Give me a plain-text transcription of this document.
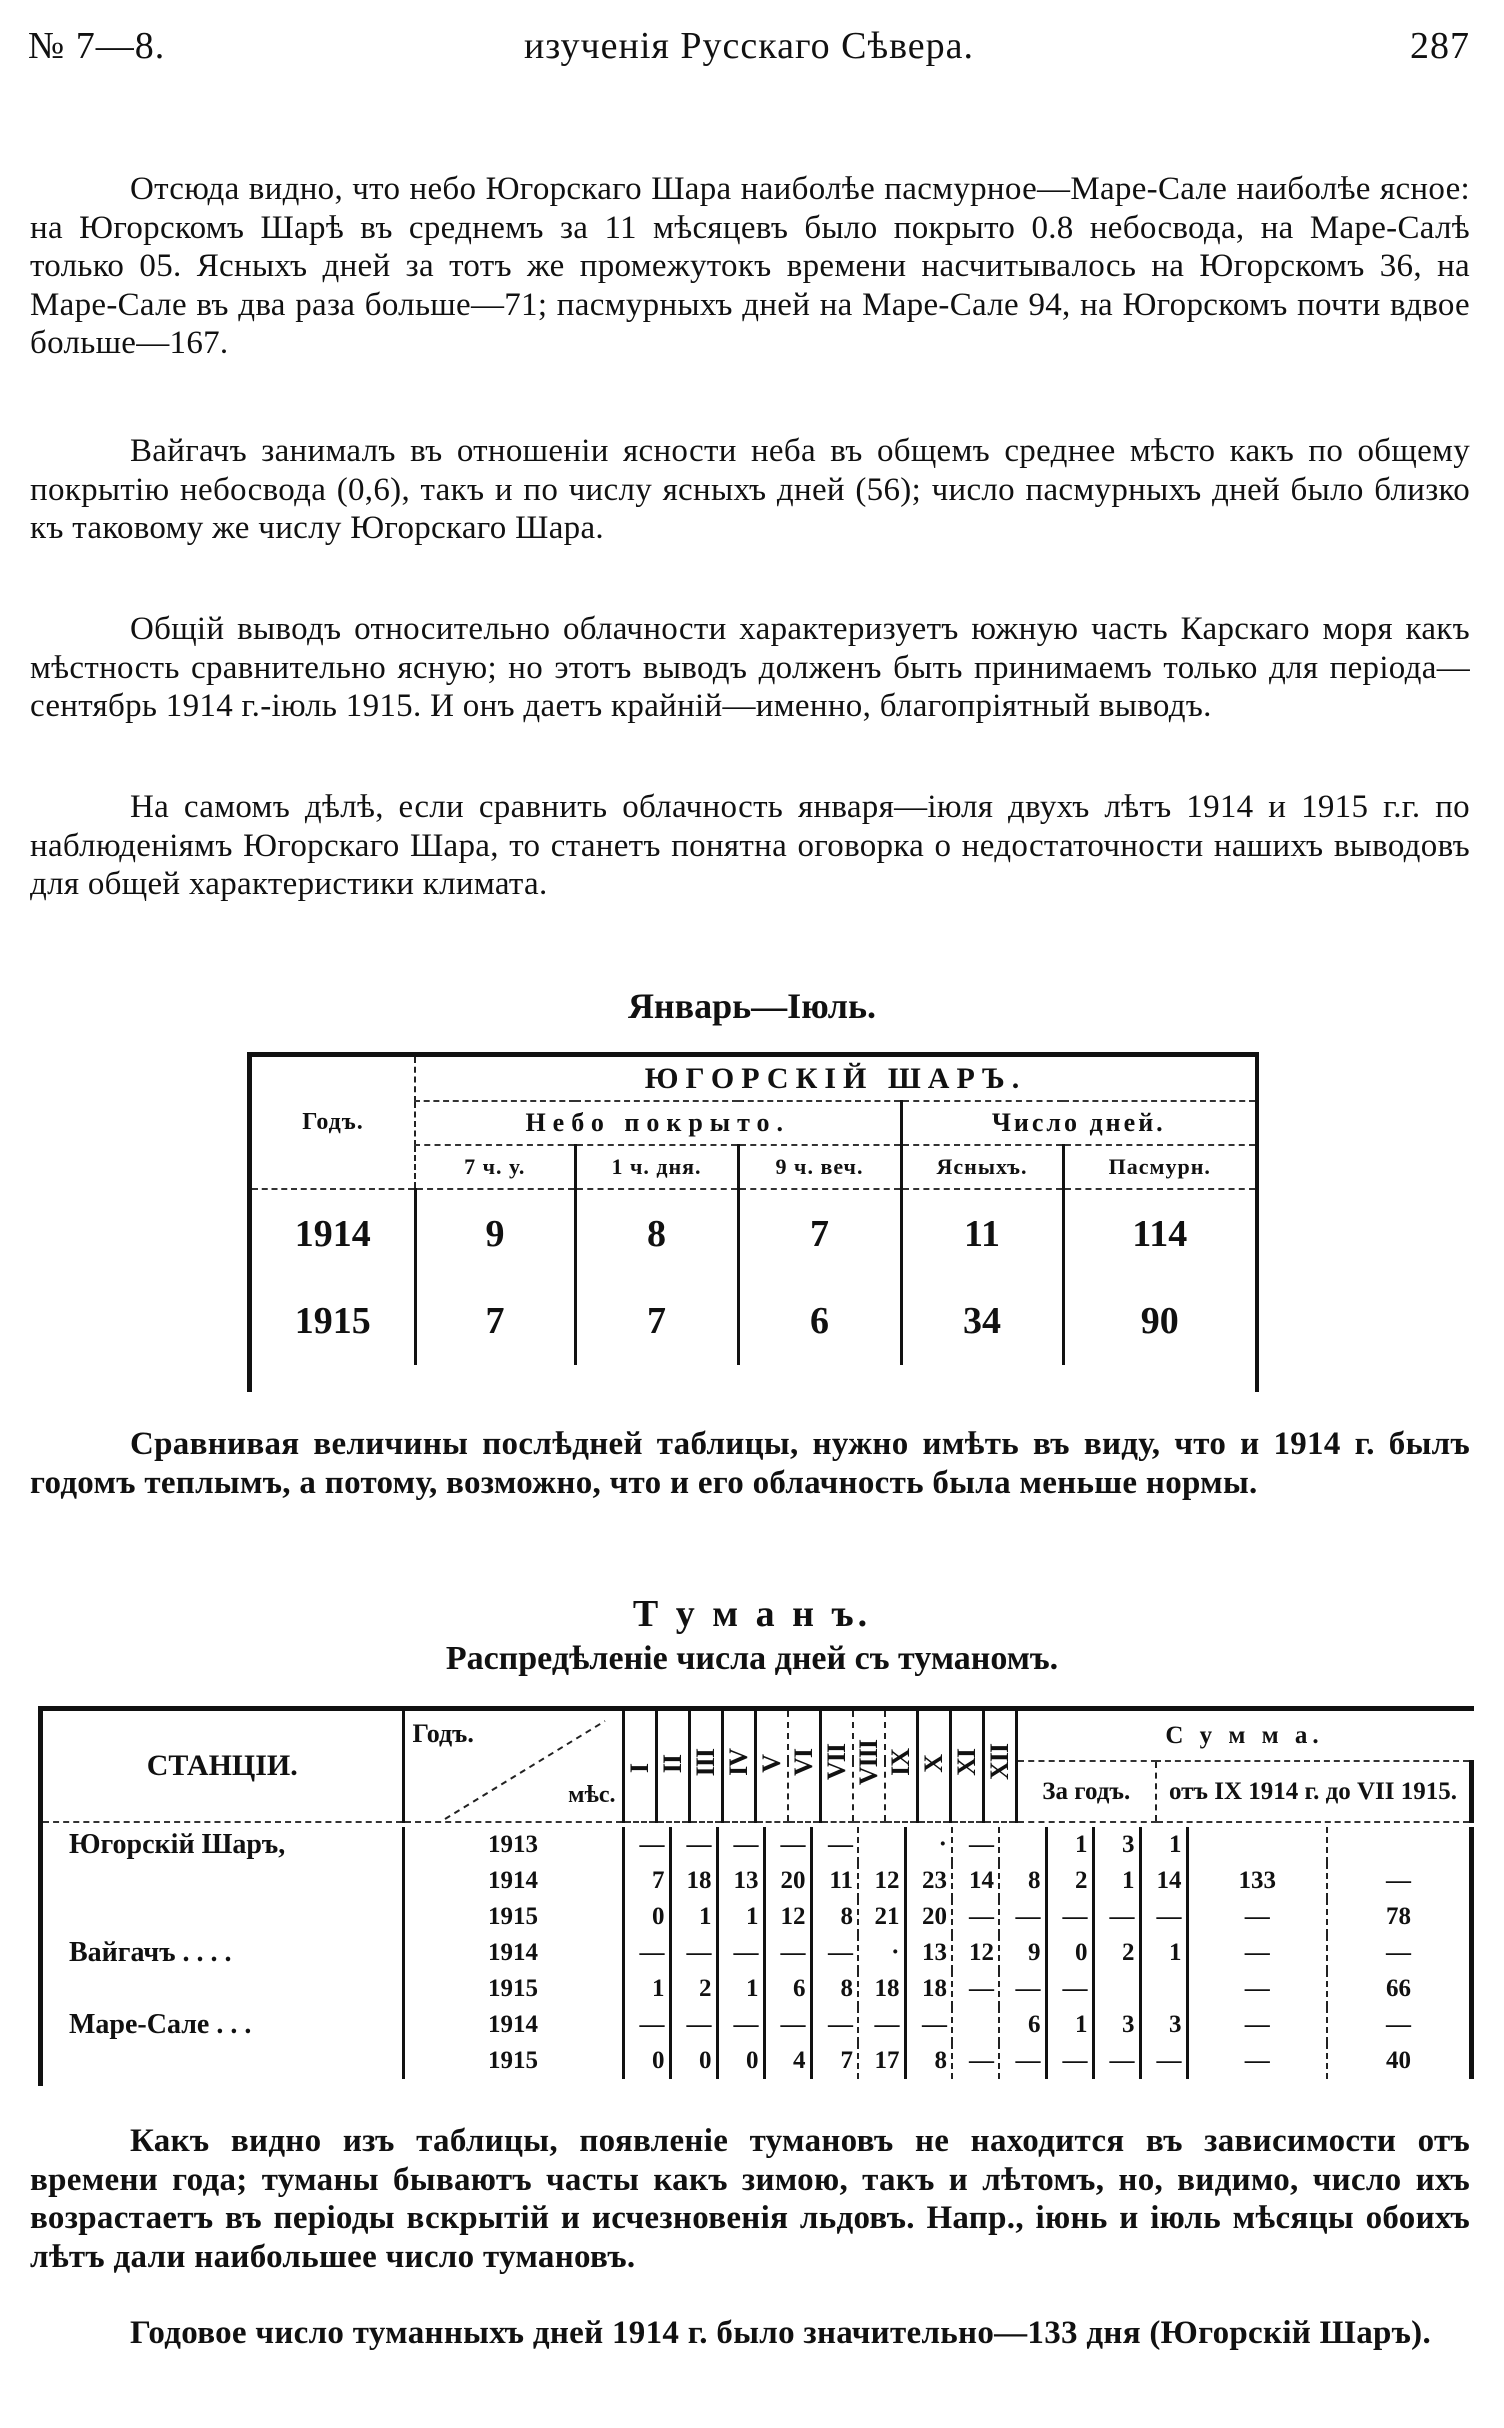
№ 7—8.	изученія Русскаго Сѣвера.	287

Отсюда видно, что небо Югорскаго Шара наиболѣе пасмурное—Маре-Сале наиболѣе ясное: на Югорскомъ Шарѣ въ среднемъ за 11 мѣсяцевъ было покрыто 0.8 небосвода, на Маре-Салѣ только 05. Ясныхъ дней за тотъ же промежутокъ времени насчитывалось на Югорскомъ 36, на Маре-Сале въ два раза больше—71; пасмурныхъ дней на Маре-Сале 94, на Югорскомъ почти вдвое больше—167.

Вайгачъ занималъ въ отношеніи ясности неба въ общемъ среднее мѣсто какъ по общему покрытію небосвода (0,6), такъ и по числу ясныхъ дней (56); число пасмурныхъ дней было близко къ таковому же числу Югорскаго Шара.

Общій выводъ относительно облачности характеризуетъ южную часть Карскаго моря какъ мѣстность сравнительно ясную; но этотъ выводъ долженъ быть принимаемъ только для періода—сентябрь 1914 г.-іюль 1915. И онъ даетъ крайній—именно, благопріятный выводъ.

На самомъ дѣлѣ, если сравнить облачность января—іюля двухъ лѣтъ 1914 и 1915 г.г. по наблюденіямъ Югорскаго Шара, то станетъ понятна оговорка о недостаточности нашихъ выводовъ для общей характеристики климата.

Январь—Іюль.
Годъ.	ЮГОРСКІЙ ШАРЪ.				
	Небо покрыто.			Число дней.	
	7 ч. у.	1 ч. дня.	9 ч. веч.	Ясныхъ.	Пасмурн.
1914	9	8	7	11	114
1915	7	7	6	34	90

Сравнивая величины послѣдней таблицы, нужно имѣть въ виду, что и 1914 г. былъ годомъ теплымъ, а потому, возможно, что и его облачность была меньше нормы.

Т у м а н ъ.
Распредѣленіе числа дней съ туманомъ.
СТАНЦІИ.	Годъ.
мѣс.	I	II	III	IV	V	VI	VII	VIII	IX	X	XI	XII	С у м м а.	
														За годъ.	отъ IX 1914 г. до VII 1915.
Югорскій Шаръ,	1913	—	—	—	—	—		·	—		1	3	1		
	1914	7	18	13	20	11	12	23	14	8	2	1	14	133	—
	1915	0	1	1	12	8	21	20	—	—	—	—	—	—	78
Вайгачъ . . . .	1914	—	—	—	—	—	·	13	12	9	0	2	1	—	—
	1915	1	2	1	6	8	18	18	—	—	—			—	66
Маре-Сале . . .	1914	—	—	—	—	—	—	—		6	1	3	3	—	—
	1915	0	0	0	4	7	17	8	—	—	—	—	—	—	40

Какъ видно изъ таблицы, появленіе тумановъ не находится въ зависимости отъ времени года; туманы бываютъ часты какъ зимою, такъ и лѣтомъ, но, видимо, число ихъ возрастаетъ въ періоды вскрытій и исчезновенія льдовъ. Напр., іюнь и іюль мѣсяцы обоихъ лѣтъ дали наибольшее число тумановъ.

Годовое число туманныхъ дней 1914 г. было значительно—133 дня (Югорскій Шаръ).
